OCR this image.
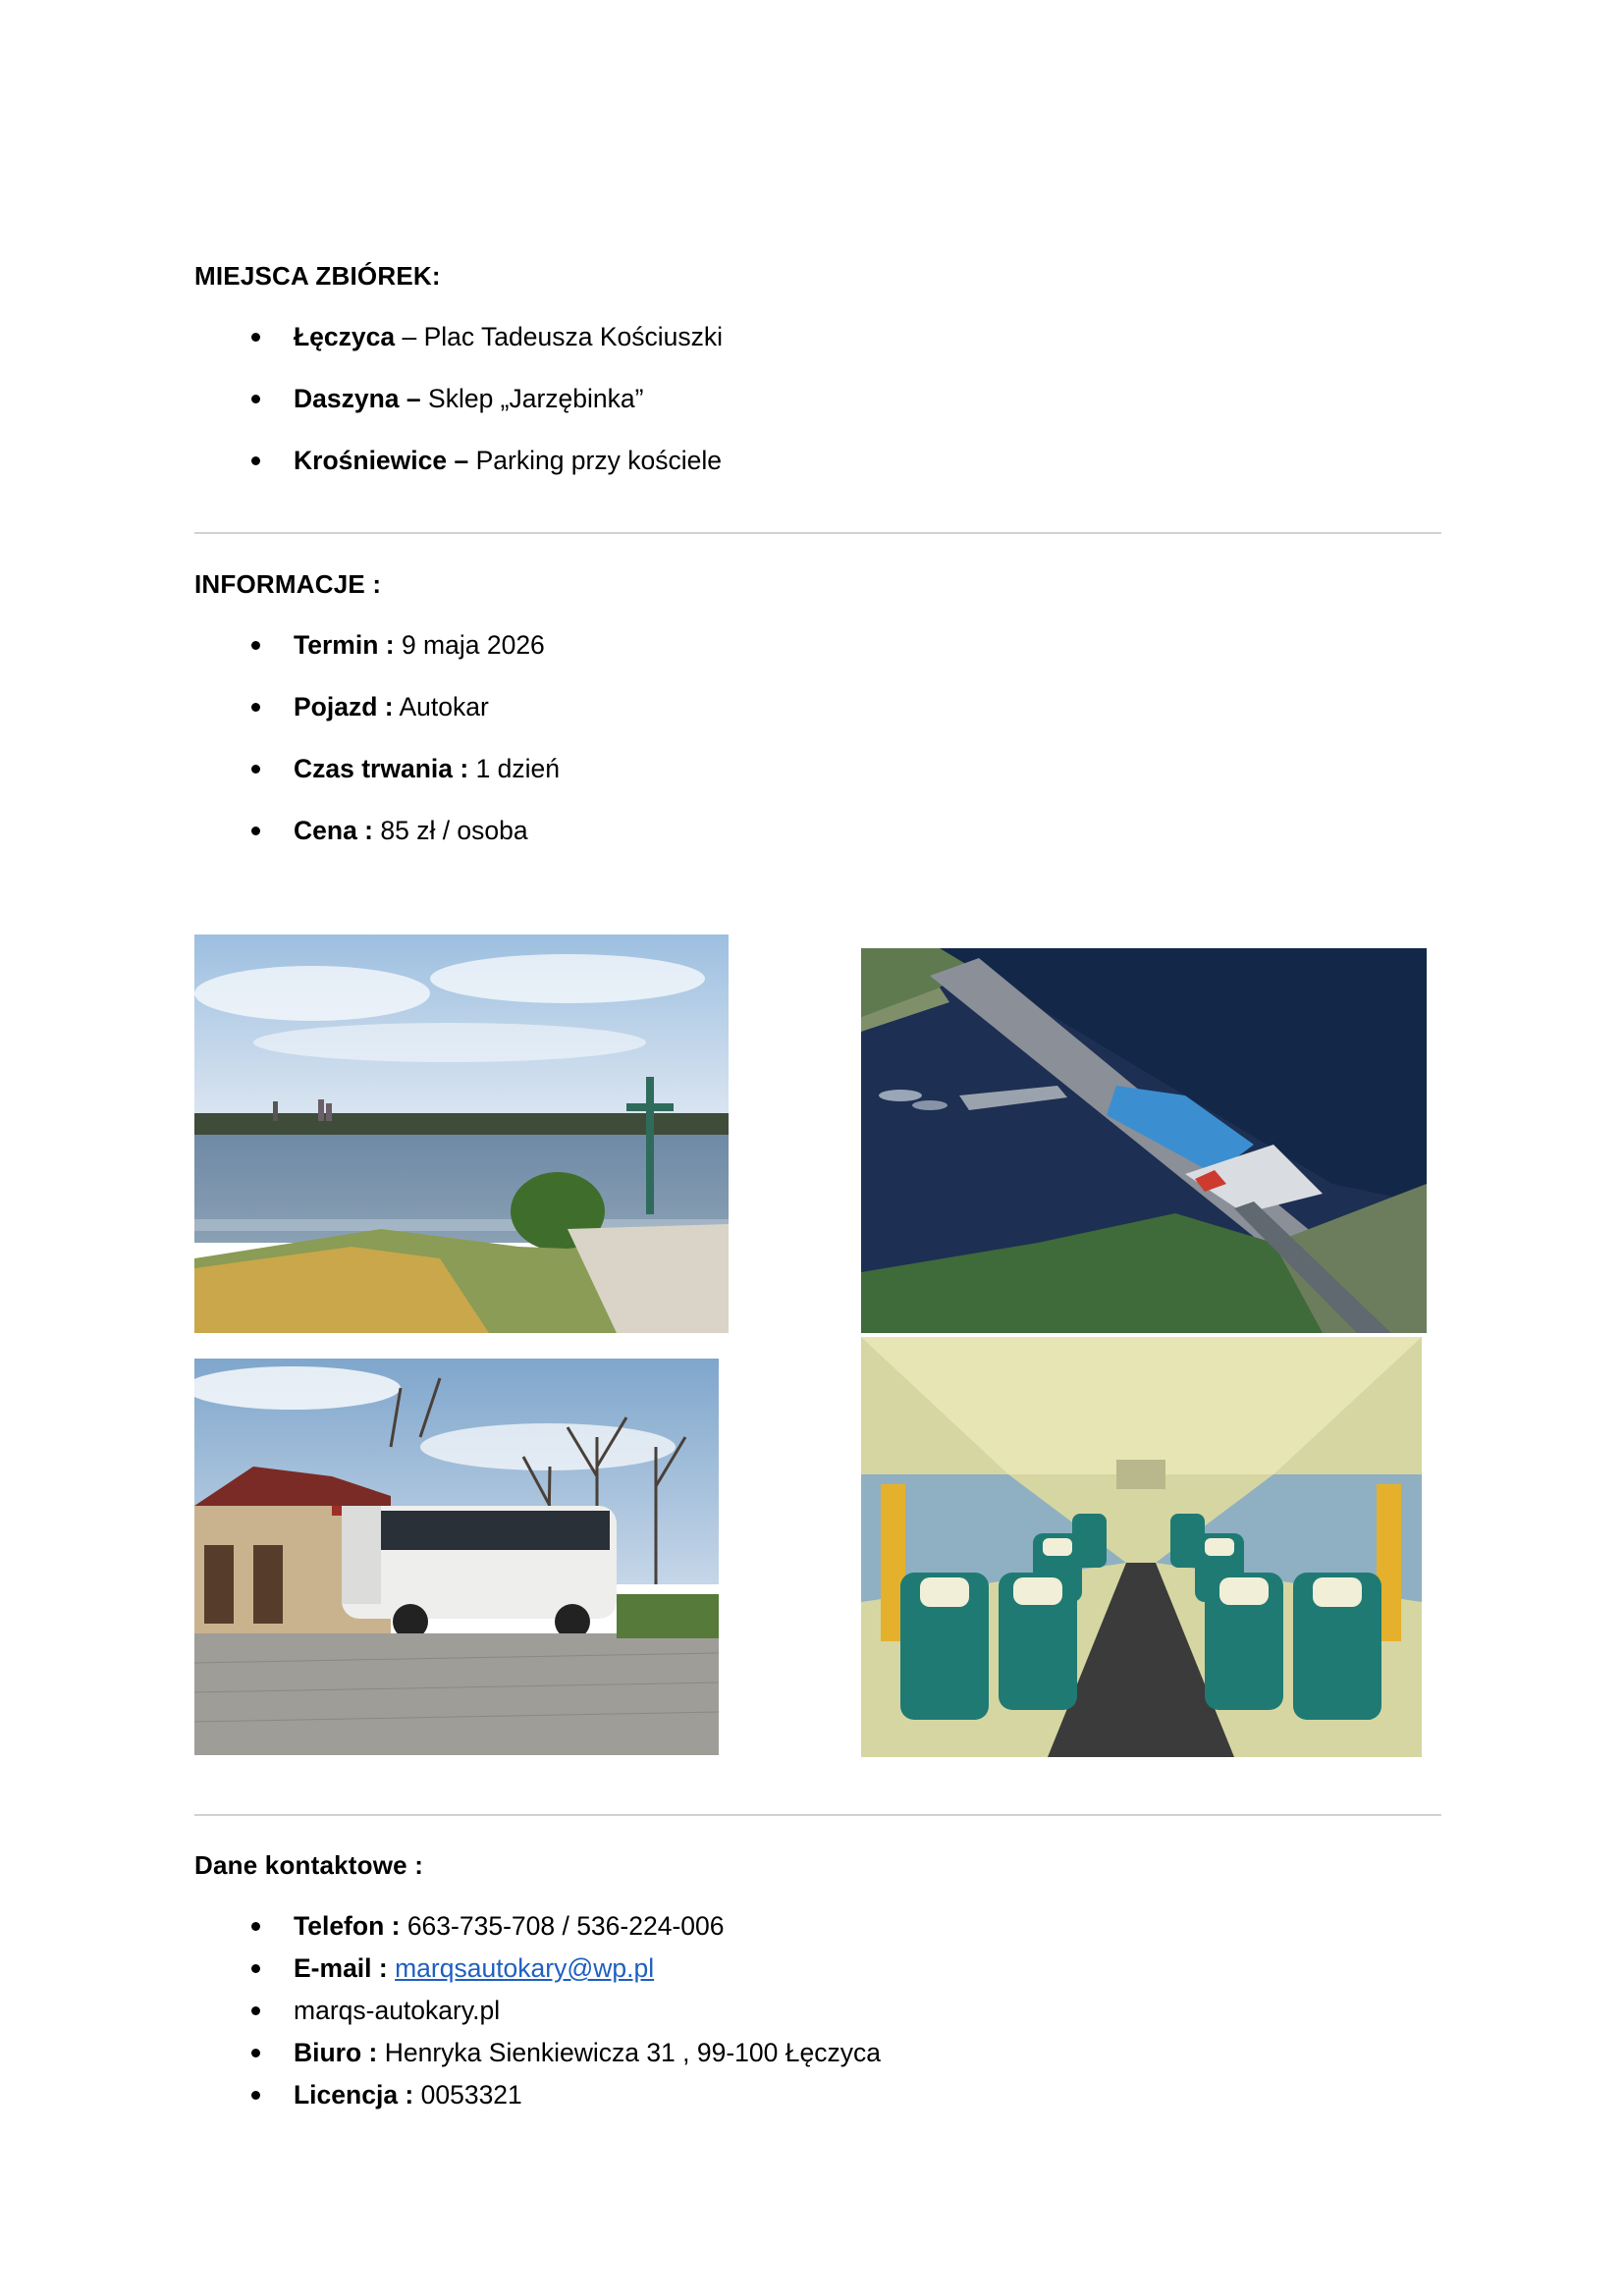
MIEJSCA ZBIÓREK:
Łęczyca – Plac Tadeusza Kościuszki
Daszyna – Sklep „Jarzębinka”
Krośniewice – Parking przy kościele
INFORMACJE :
Termin : 9 maja 2026
Pojazd : Autokar
Czas trwania : 1 dzień
Cena : 85 zł / osoba
Dane kontaktowe :
Telefon : 663-735-708 / 536-224-006
E-mail : marqsautokary@wp.pl
marqs-autokary.pl
Biuro : Henryka Sienkiewicza 31 , 99-100 Łęczyca
Licencja : 0053321
